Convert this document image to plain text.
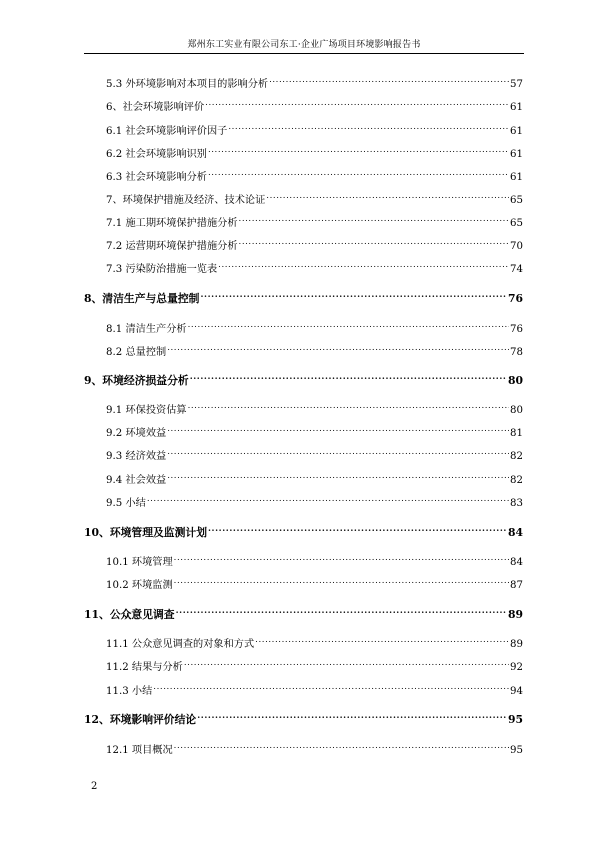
郑州东工实业有限公司东工·企业广场项目环境影响报告书
5.3 外环境影响对本项目的影响分析 .....	57
6、社会环境影响评价 .....	61
6.1 社会环境影响评价因子 .....	61
6.2 社会环境影响识别 .....	61
6.3 社会环境影响分析 .....	61
7、环境保护措施及经济、技术论证 .....	65
7.1 施工期环境保护措施分析 .....	65
7.2 运营期环境保护措施分析 .....	70
7.3 污染防治措施一览表 .....	74
8、清洁生产与总量控制 .....	76
8.1 清洁生产分析 .....	76
8.2 总量控制 .....	78
9、环境经济损益分析 .....	80
9.1 环保投资估算 .....	80
9.2 环境效益 .....	81
9.3 经济效益 .....	82
9.4 社会效益 .....	82
9.5 小结 .....	83
10、环境管理及监测计划 .....	84
10.1 环境管理 .....	84
10.2 环境监测 .....	87
11、公众意见调查 .....	89
11.1 公众意见调查的对象和方式 .....	89
11.2 结果与分析 .....	92
11.3 小结 .....	94
12、环境影响评价结论 .....	95
12.1 项目概况 .....	95
2
